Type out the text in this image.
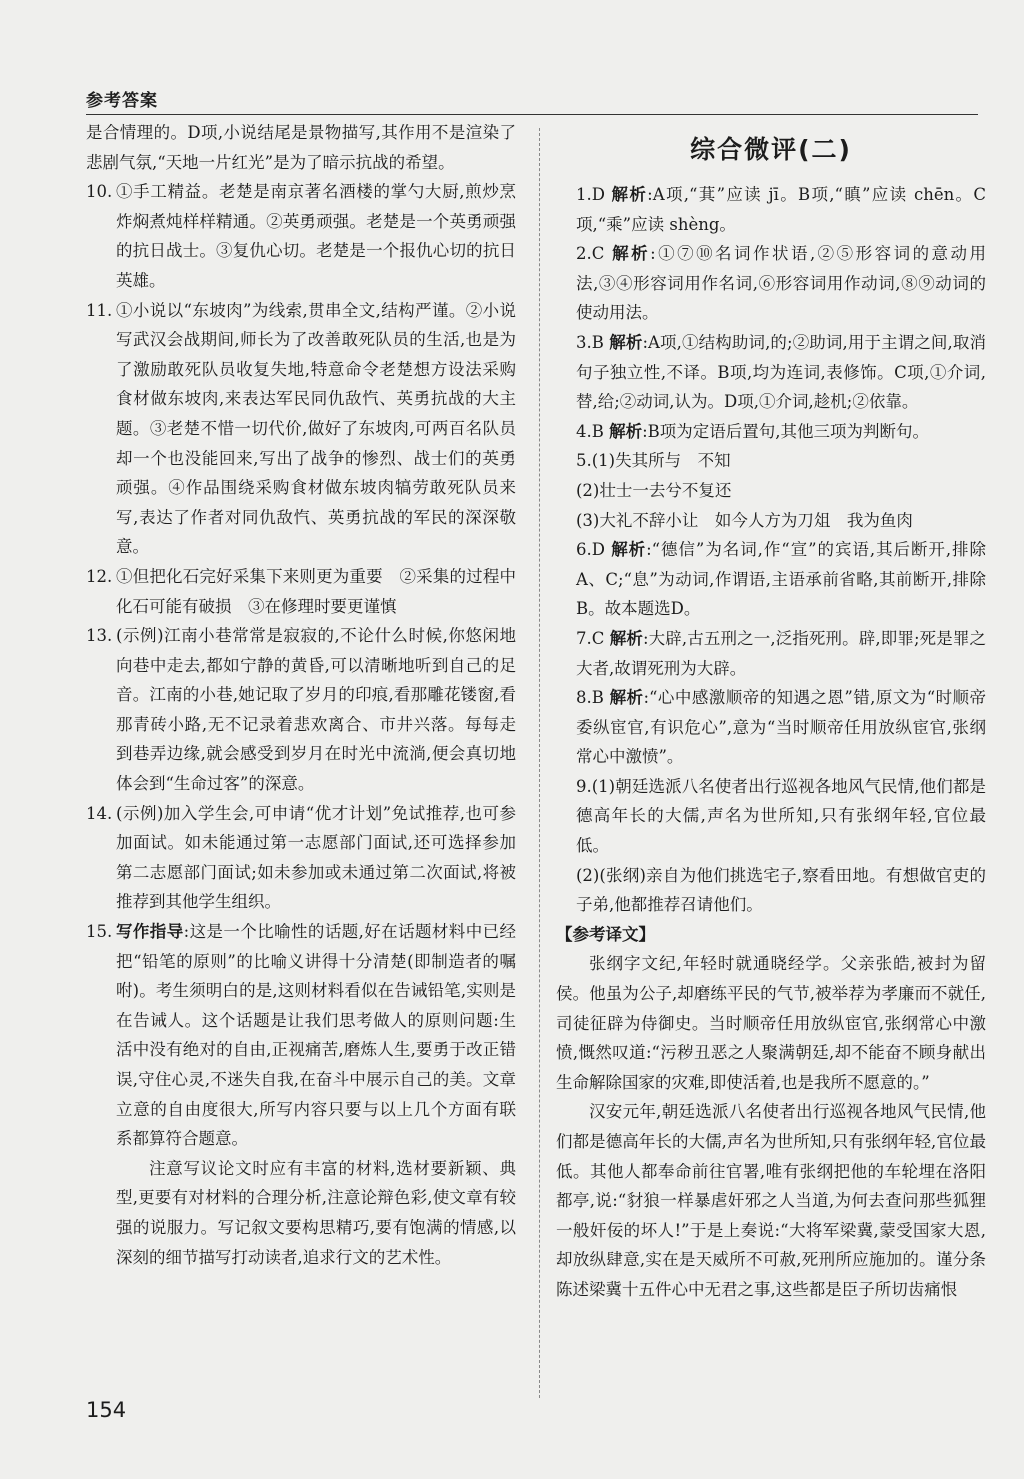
参考答案

是合情理的。D项,小说结尾是景物描写,其作用不是渲染了悲剧气氛,“天地一片红光”是为了暗示抗战的希望。

10. ①手工精益。老楚是南京著名酒楼的掌勺大厨,煎炒烹炸焖煮炖样样精通。②英勇顽强。老楚是一个英勇顽强的抗日战士。③复仇心切。老楚是一个报仇心切的抗日英雄。
11. ①小说以“东坡肉”为线索,贯串全文,结构严谨。②小说写武汉会战期间,师长为了改善敢死队员的生活,也是为了激励敢死队员收复失地,特意命令老楚想方设法采购食材做东坡肉,来表达军民同仇敌忾、英勇抗战的大主题。③老楚不惜一切代价,做好了东坡肉,可两百名队员却一个也没能回来,写出了战争的惨烈、战士们的英勇顽强。④作品围绕采购食材做东坡肉犒劳敢死队员来写,表达了作者对同仇敌忾、英勇抗战的军民的深深敬意。
12. ①但把化石完好采集下来则更为重要　②采集的过程中化石可能有破损　③在修理时要更谨慎
13. (示例)江南小巷常常是寂寂的,不论什么时候,你悠闲地向巷中走去,都如宁静的黄昏,可以清晰地听到自己的足音。江南的小巷,她记取了岁月的印痕,看那雕花镂窗,看那青砖小路,无不记录着悲欢离合、市井兴落。每每走到巷弄边缘,就会感受到岁月在时光中流淌,便会真切地体会到“生命过客”的深意。
14. (示例)加入学生会,可申请“优才计划”免试推荐,也可参加面试。如未能通过第一志愿部门面试,还可选择参加第二志愿部门面试;如未参加或未通过第二次面试,将被推荐到其他学生组织。
15. 写作指导:这是一个比喻性的话题,好在话题材料中已经把“铅笔的原则”的比喻义讲得十分清楚(即制造者的嘱咐)。考生须明白的是,这则材料看似在告诫铅笔,实则是在告诫人。这个话题是让我们思考做人的原则问题:生活中没有绝对的自由,正视痛苦,磨炼人生,要勇于改正错误,守住心灵,不迷失自我,在奋斗中展示自己的美。文章立意的自由度很大,所写内容只要与以上几个方面有联系都算符合题意。

注意写议论文时应有丰富的材料,选材要新颖、典型,更要有对材料的合理分析,注意论辩色彩,使文章有较强的说服力。写记叙文要构思精巧,要有饱满的情感,以深刻的细节描写打动读者,追求行文的艺术性。

综合微评(二)

1.D 解析:A项,“萁”应读 jī。B项,“瞋”应读 chēn。C项,“乘”应读 shèng。
2.C 解析:①⑦⑩名词作状语,②⑤形容词的意动用法,③④形容词用作名词,⑥形容词用作动词,⑧⑨动词的使动用法。
3.B 解析:A项,①结构助词,的;②助词,用于主谓之间,取消句子独立性,不译。B项,均为连词,表修饰。C项,①介词,替,给;②动词,认为。D项,①介词,趁机;②依靠。
4.B 解析:B项为定语后置句,其他三项为判断句。
5.(1)失其所与　不知
(2)壮士一去兮不复还
(3)大礼不辞小让　如今人方为刀俎　我为鱼肉
6.D 解析:“德信”为名词,作“宣”的宾语,其后断开,排除A、C;“息”为动词,作谓语,主语承前省略,其前断开,排除B。故本题选D。
7.C 解析:大辟,古五刑之一,泛指死刑。辟,即罪;死是罪之大者,故谓死刑为大辟。
8.B 解析:“心中感激顺帝的知遇之恩”错,原文为“时顺帝委纵宦官,有识危心”,意为“当时顺帝任用放纵宦官,张纲常心中激愤”。
9.(1)朝廷选派八名使者出行巡视各地风气民情,他们都是德高年长的大儒,声名为世所知,只有张纲年轻,官位最低。
(2)(张纲)亲自为他们挑选宅子,察看田地。有想做官吏的子弟,他都推荐召请他们。

【参考译文】

张纲字文纪,年轻时就通晓经学。父亲张皓,被封为留侯。他虽为公子,却磨练平民的气节,被举荐为孝廉而不就任,司徒征辟为侍御史。当时顺帝任用放纵宦官,张纲常心中激愤,慨然叹道:“污秽丑恶之人聚满朝廷,却不能奋不顾身献出生命解除国家的灾难,即使活着,也是我所不愿意的。”

汉安元年,朝廷选派八名使者出行巡视各地风气民情,他们都是德高年长的大儒,声名为世所知,只有张纲年轻,官位最低。其他人都奉命前往官署,唯有张纲把他的车轮埋在洛阳都亭,说:“豺狼一样暴虐奸邪之人当道,为何去查问那些狐狸一般奸佞的坏人!”于是上奏说:“大将军梁冀,蒙受国家大恩,却放纵肆意,实在是天威所不可赦,死刑所应施加的。谨分条陈述梁冀十五件心中无君之事,这些都是臣子所切齿痛恨

154
